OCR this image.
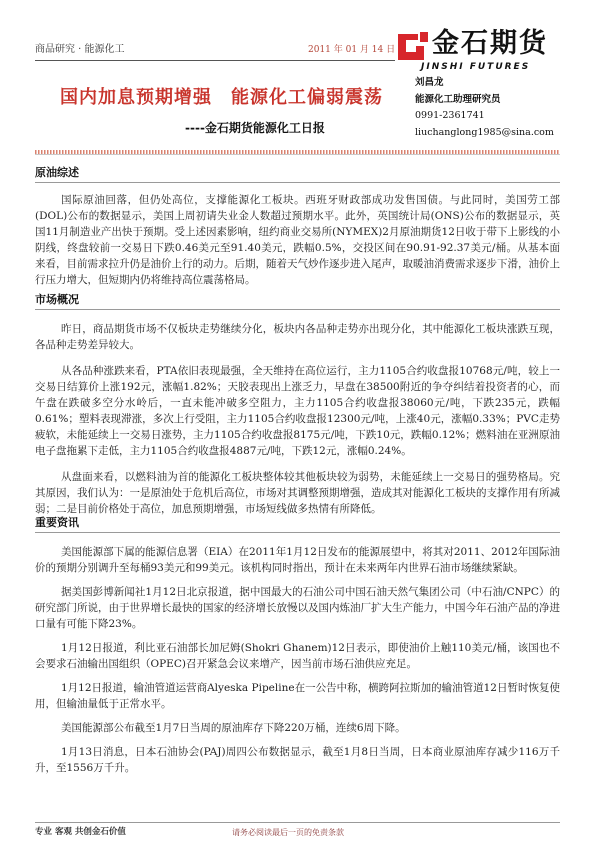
商品研究 · 能源化工	2011 年 01 月 14 日 金石期货
JINSHI FUTURES
国内加息预期增强　能源化工偏弱震荡
----金石期货能源化工日报
刘昌龙
能源化工助理研究员
0991-2361741
liuchanglong1985@sina.com
原油综述

国际原油回落，但仍处高位，支撑能源化工板块。西班牙财政部成功发售国债。与此同时，美国劳工部(DOL)公布的数据显示，美国上周初请失业金人数超过预期水平。此外，英国统计局(ONS)公布的数据显示，英国11月制造业产出快于预期。受上述因素影响，纽约商业交易所(NYMEX)2月原油期货12日收于带下上影线的小阴线，终盘较前一交易日下跌0.46美元至91.40美元，跌幅0.5%，交投区间在90.91-92.37美元/桶。从基本面来看，目前需求拉升仍是油价上行的动力。后期，随着天气炒作逐步进入尾声，取暖油消费需求逐步下滑，油价上行压力增大，但短期内仍将维持高位震荡格局。

市场概况

昨日，商品期货市场不仅板块走势继续分化，板块内各品种走势亦出现分化，其中能源化工板块涨跌互现，各品种走势差异较大。

从各品种涨跌来看，PTA依旧表现最强，全天维持在高位运行，主力1105合约收盘报10768元/吨，较上一交易日结算价上涨192元，涨幅1.82%；天胶表现出上涨乏力，早盘在38500附近的争夺纠结着投资者的心，而午盘在跌破多空分水岭后，一直未能冲破多空阻力，主力1105合约收盘报38060元/吨，下跌235元，跌幅0.61%；塑料表现滞涨，多次上行受阻，主力1105合约收盘报12300元/吨，上涨40元，涨幅0.33%；PVC走势疲软，未能延续上一交易日涨势，主力1105合约收盘报8175元/吨，下跌10元，跌幅0.12%；燃料油在亚洲原油电子盘拖累下走低，主力1105合约收盘报4887元/吨，下跌12元，涨幅0.24%。

从盘面来看，以燃料油为首的能源化工板块整体较其他板块较为弱势，未能延续上一交易日的强势格局。究其原因，我们认为：一是原油处于危机后高位，市场对其调整预期增强，造成其对能源化工板块的支撑作用有所减弱；二是目前价格处于高位，加息预期增强，市场短线做多热情有所降低。

重要资讯

美国能源部下属的能源信息署（EIA）在2011年1月12日发布的能源展望中，将其对2011、2012年国际油价的预期分别调升至每桶93美元和99美元。该机构同时指出，预计在未来两年内世界石油市场继续紧缺。

据美国彭博新闻社1月12日北京报道，据中国最大的石油公司中国石油天然气集团公司（中石油/CNPC）的研究部门所说，由于世界增长最快的国家的经济增长放慢以及国内炼油厂扩大生产能力，中国今年石油产品的净进口量有可能下降23%。

1月12日报道，利比亚石油部长加尼姆(Shokri Ghanem)12日表示，即使油价上触110美元/桶，该国也不会要求石油输出国组织（OPEC)召开紧急会议来增产，因当前市场石油供应充足。

1月12日报道，输油管道运营商Alyeska Pipeline在一公告中称，横跨阿拉斯加的输油管道12日暂时恢复使用，但输油量低于正常水平。

美国能源部公布截至1月7日当周的原油库存下降220万桶，连续6周下降。

1月13日消息，日本石油协会(PAJ)周四公布数据显示，截至1月8日当周，日本商业原油库存减少116万千升，至1556万千升。

专业 客观 共创金石价值	请务必阅读最后一页的免责条款
